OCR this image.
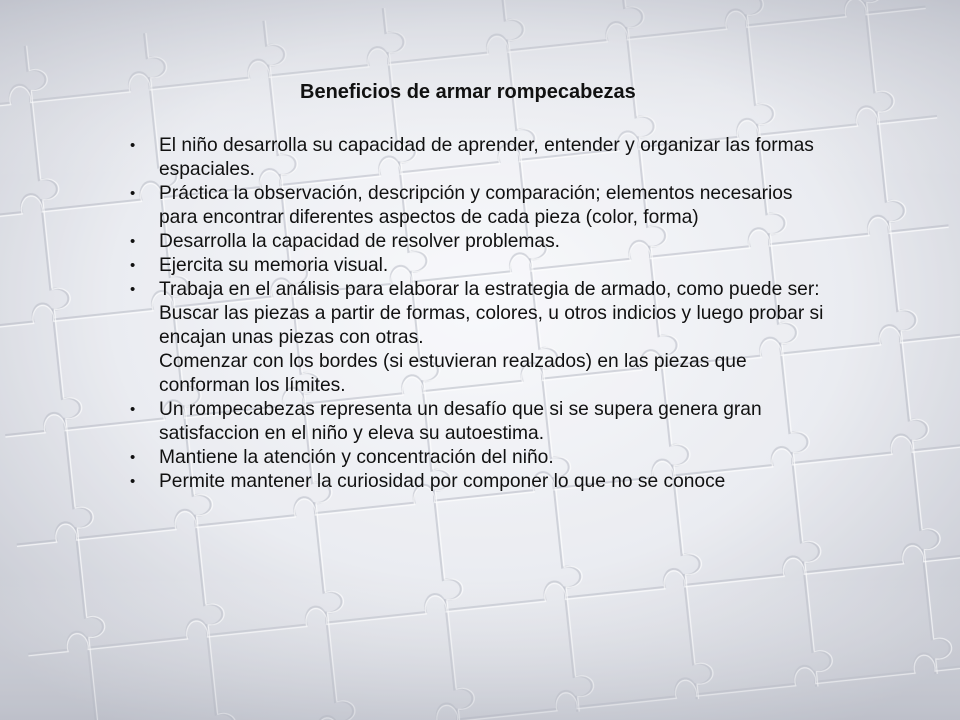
Beneficios de armar rompecabezas
• El niño desarrolla su capacidad de aprender, entender y organizar las formas espaciales.
• Práctica la observación, descripción y comparación; elementos necesarios para encontrar diferentes aspectos de cada pieza (color, forma)
• Desarrolla la capacidad de resolver problemas.
• Ejercita su memoria visual.
• Trabaja en el análisis para elaborar la estrategia de armado, como puede ser:
Buscar las piezas a partir de formas, colores, u otros indicios y luego probar si encajan unas piezas con otras.
Comenzar con los bordes (si estuvieran realzados) en las piezas que conforman los límites.
• Un rompecabezas representa un desafío que si se supera genera gran satisfaccion en el niño y eleva su autoestima.
• Mantiene la atención y concentración del niño.
• Permite mantener la curiosidad por componer lo que no se conoce
